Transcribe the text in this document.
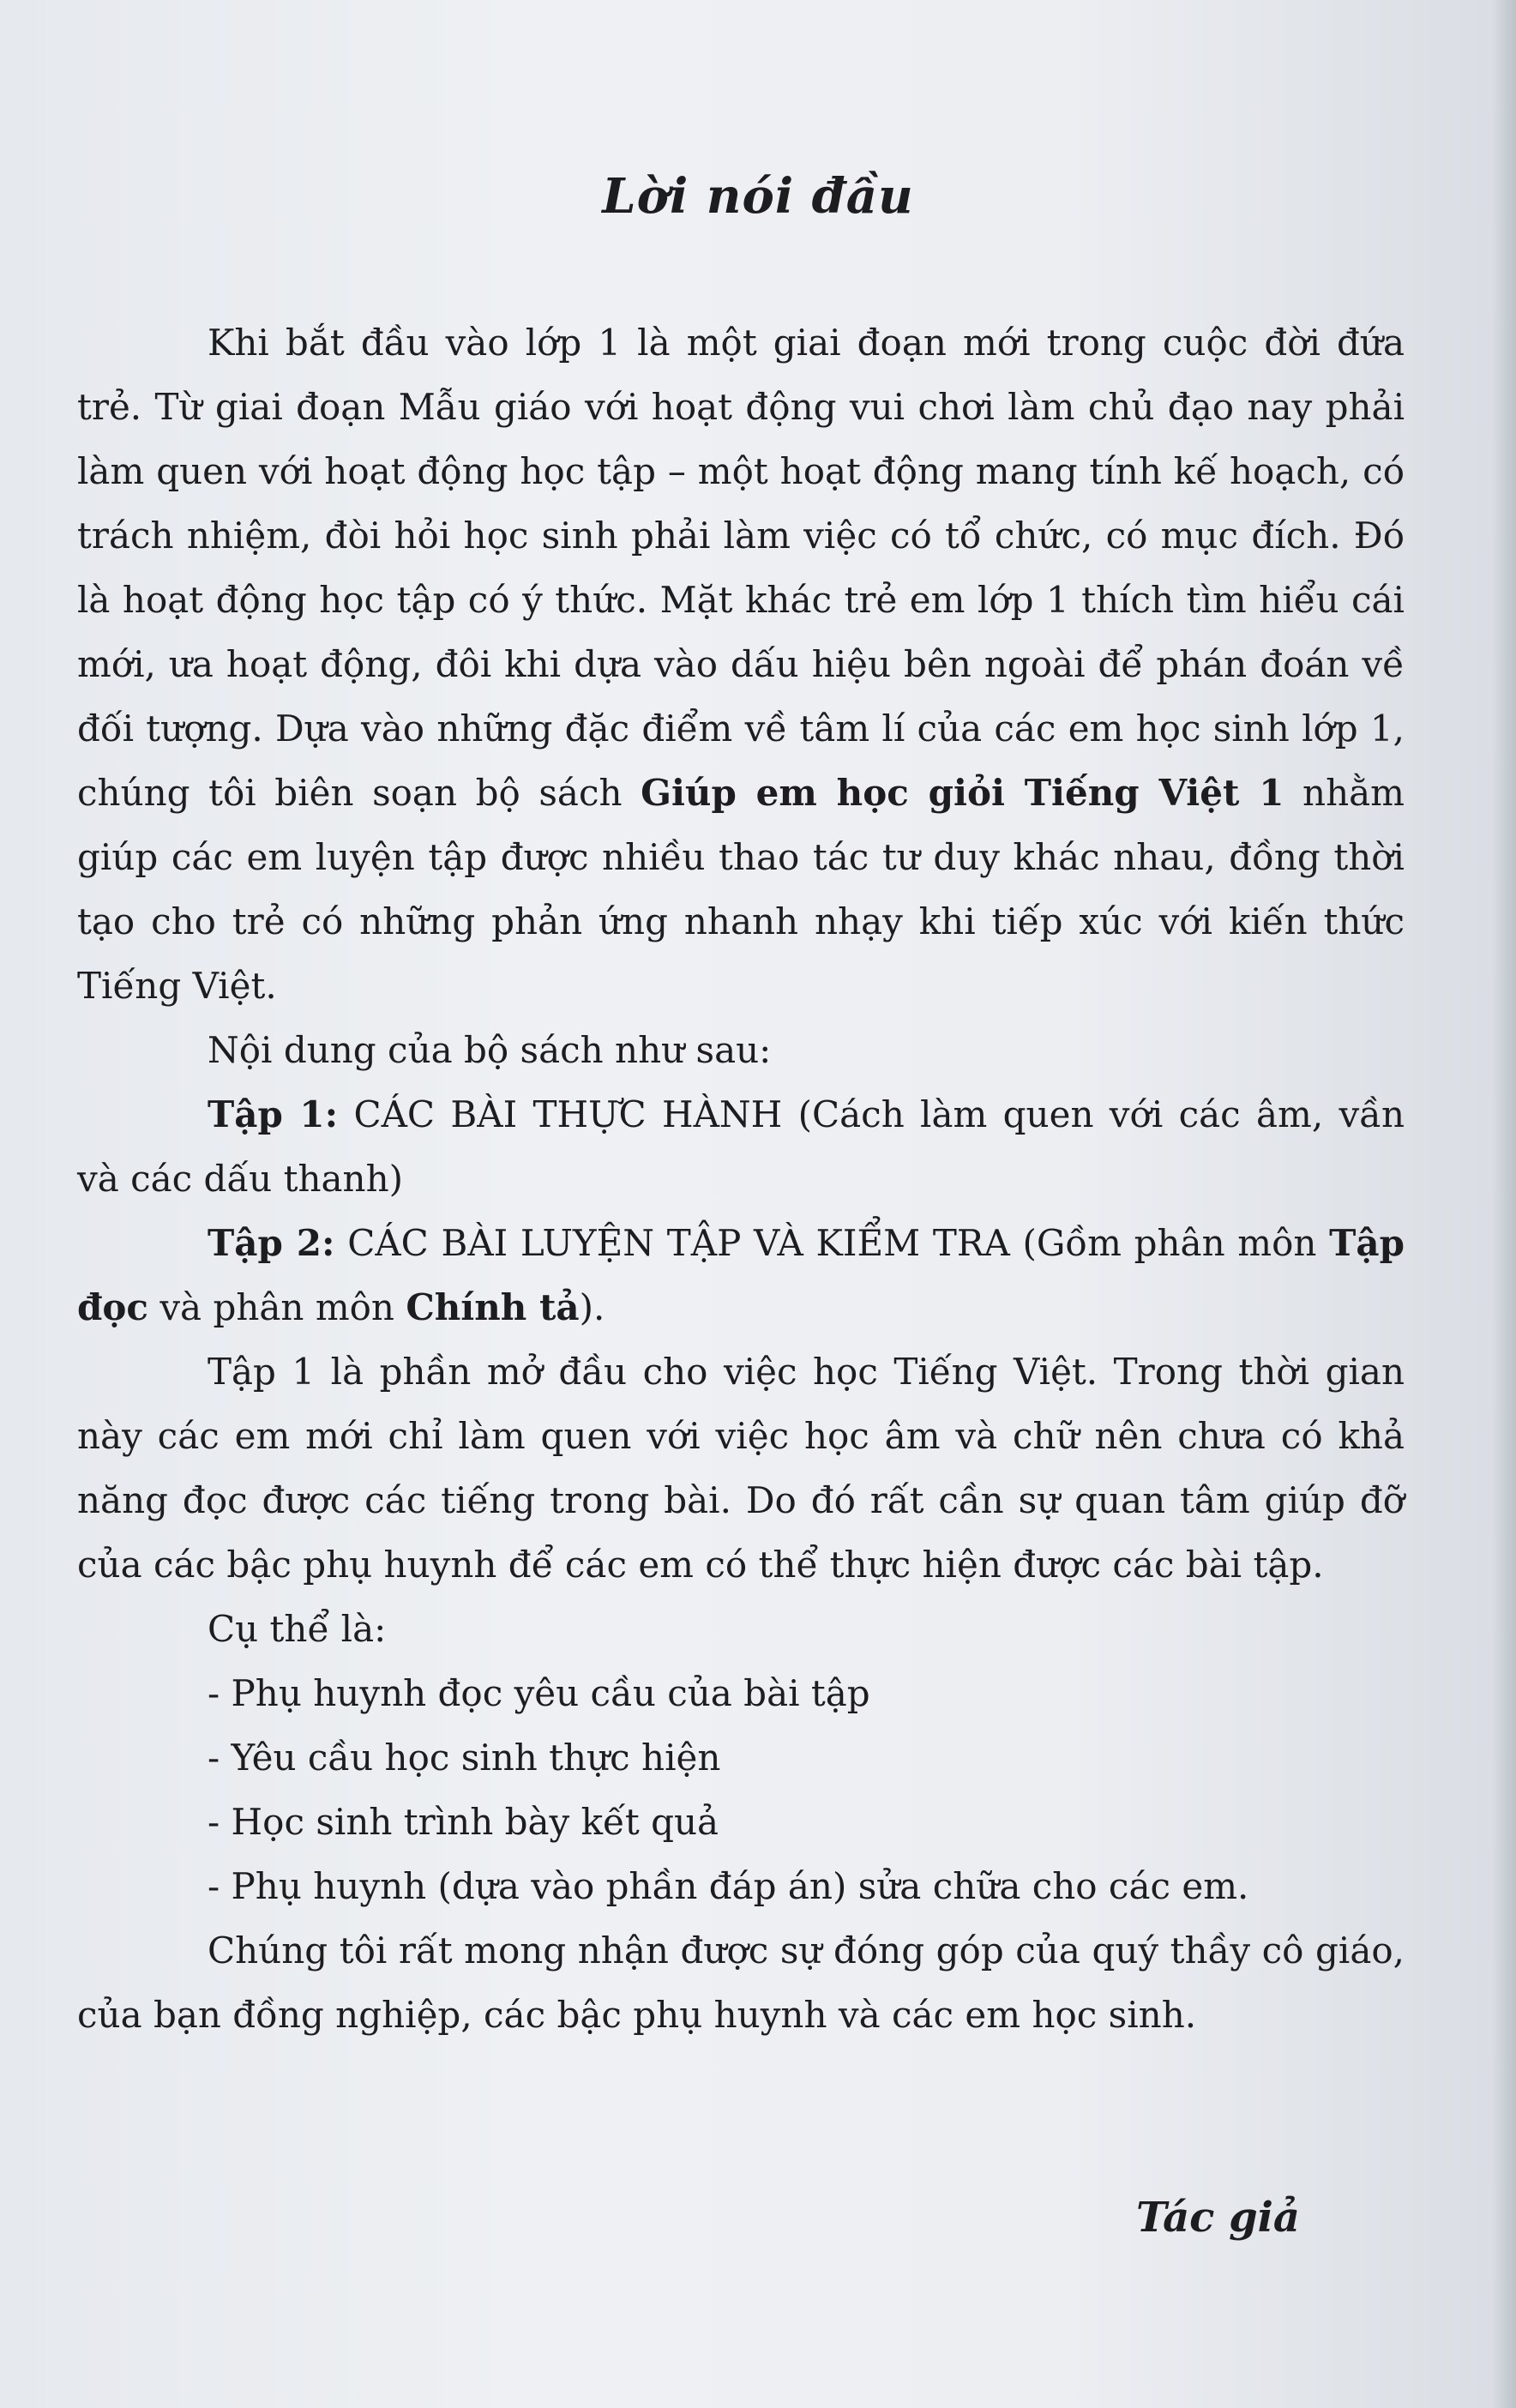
Lời nói đầu

Khi bắt đầu vào lớp 1 là một giai đoạn mới trong cuộc đời đứa trẻ. Từ giai đoạn Mẫu giáo với hoạt động vui chơi làm chủ đạo nay phải làm quen với hoạt động học tập – một hoạt động mang tính kế hoạch, có trách nhiệm, đòi hỏi học sinh phải làm việc có tổ chức, có mục đích. Đó là hoạt động học tập có ý thức. Mặt khác trẻ em lớp 1 thích tìm hiểu cái mới, ưa hoạt động, đôi khi dựa vào dấu hiệu bên ngoài để phán đoán về đối tượng. Dựa vào những đặc điểm về tâm lí của các em học sinh lớp 1, chúng tôi biên soạn bộ sách Giúp em học giỏi Tiếng Việt 1 nhằm giúp các em luyện tập được nhiều thao tác tư duy khác nhau, đồng thời tạo cho trẻ có những phản ứng nhanh nhạy khi tiếp xúc với kiến thức Tiếng Việt.

Nội dung của bộ sách như sau:

Tập 1: CÁC BÀI THỰC HÀNH (Cách làm quen với các âm, vần và các dấu thanh)

Tập 2: CÁC BÀI LUYỆN TẬP VÀ KIỂM TRA (Gồm phân môn Tập đọc và phân môn Chính tả).

Tập 1 là phần mở đầu cho việc học Tiếng Việt. Trong thời gian này các em mới chỉ làm quen với việc học âm và chữ nên chưa có khả năng đọc được các tiếng trong bài. Do đó rất cần sự quan tâm giúp đỡ của các bậc phụ huynh để các em có thể thực hiện được các bài tập.

Cụ thể là:

- Phụ huynh đọc yêu cầu của bài tập
- Yêu cầu học sinh thực hiện
- Học sinh trình bày kết quả
- Phụ huynh (dựa vào phần đáp án) sửa chữa cho các em.

Chúng tôi rất mong nhận được sự đóng góp của quý thầy cô giáo, của bạn đồng nghiệp, các bậc phụ huynh và các em học sinh.

Tác giả
